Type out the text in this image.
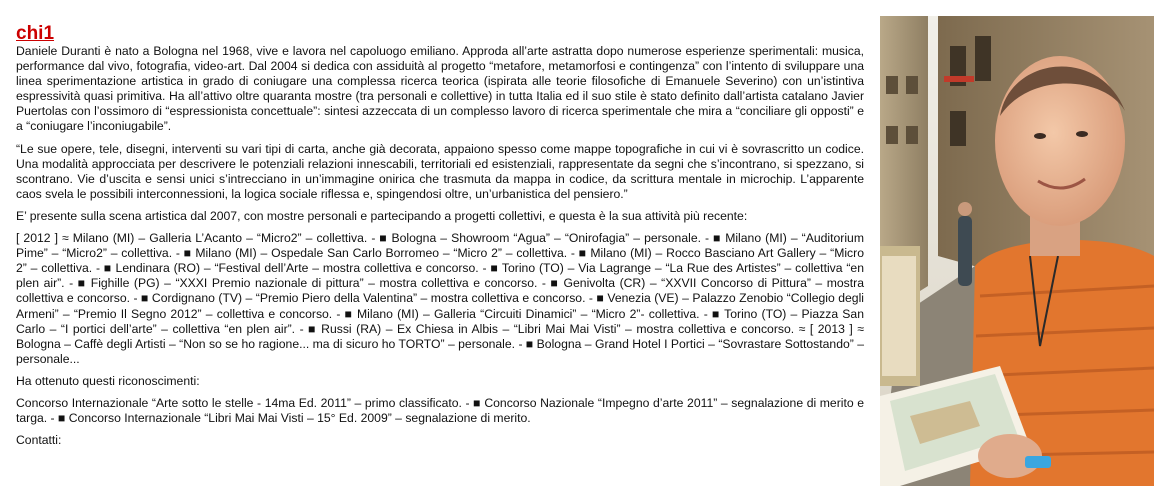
chi1

Daniele Duranti è nato a Bologna nel 1968, vive e lavora nel capoluogo emiliano. Approda all’arte astratta dopo numerose esperienze sperimentali: musica, performance dal vivo, fotografia, video-art. Dal 2004 si dedica con assiduità al progetto “metafore, metamorfosi e contingenza” con l’intento di sviluppare una linea sperimentazione artistica in grado di coniugare una complessa ricerca teorica (ispirata alle teorie filosofiche di Emanuele Severino) con un’istintiva espressività quasi primitiva. Ha all’attivo oltre quaranta mostre (tra personali e collettive) in tutta Italia ed il suo stile è stato definito dall’artista catalano Javier Puertolas con l’ossimoro di “espressionista concettuale”: sintesi azzeccata di un complesso lavoro di ricerca sperimentale che mira a “conciliare gli opposti” e a “coniugare l’inconiugabile”.

“Le sue opere, tele, disegni, interventi su vari tipi di carta, anche già decorata, appaiono spesso come mappe topografiche in cui vi è sovrascritto un codice. Una modalità approcciata per descrivere le potenziali relazioni innescabili, territoriali ed esistenziali, rappresentate da segni che s’incontrano, si spezzano, si scontrano. Vie d’uscita e sensi unici s’intrecciano in un’immagine onirica che trasmuta da mappa in codice, da scrittura mentale in microchip. L’apparente caos svela le possibili interconnessioni, la logica sociale riflessa e, spingendosi oltre, un’urbanistica del pensiero.”

E’ presente sulla scena artistica dal 2007, con mostre personali e partecipando a progetti collettivi, e questa è la sua attività più recente:

[ 2012 ] ≈ Milano (MI) – Galleria L’Acanto – “Micro2” – collettiva. - ■ Bologna – Showroom “Agua” – “Onirofagia” – personale. - ■ Milano (MI) – “Auditorium Pime” – “Micro2” – collettiva. - ■ Milano (MI) – Ospedale San Carlo Borromeo – “Micro 2” – collettiva. - ■ Milano (MI) – Rocco Basciano Art Gallery – “Micro 2” – collettiva. - ■ Lendinara (RO) – “Festival dell’Arte – mostra collettiva e concorso. - ■ Torino (TO) – Via Lagrange – “La Rue des Artistes” – collettiva “en plen air”. - ■ Fighille (PG) – “XXXI Premio nazionale di pittura” – mostra collettiva e concorso. - ■ Genivolta (CR) – “XXVII Concorso di Pittura” – mostra collettiva e concorso. - ■ Cordignano (TV) – “Premio Piero della Valentina” – mostra collettiva e concorso. - ■ Venezia (VE) – Palazzo Zenobio “Collegio degli Armeni” – “Premio Il Segno 2012” – collettiva e concorso. - ■ Milano (MI) – Galleria “Circuiti Dinamici” – “Micro 2”- collettiva. - ■ Torino (TO) – Piazza San Carlo – “I portici dell’arte” – collettiva “en plen air”. - ■ Russi (RA) – Ex Chiesa in Albis – “Libri Mai Mai Visti” – mostra collettiva e concorso. ≈ [ 2013 ] ≈ Bologna – Caffè degli Artisti – “Non so se ho ragione... ma di sicuro ho TORTO” – personale. - ■ Bologna – Grand Hotel I Portici – “Sovrastare Sottostando” – personale...

Ha ottenuto questi riconoscimenti:

Concorso Internazionale “Arte sotto le stelle - 14ma Ed. 2011” – primo classificato. - ■ Concorso Nazionale “Impegno d’arte 2011” – segnalazione di merito e targa. - ■ Concorso Internazionale “Libri Mai Mai Visti – 15° Ed. 2009” – segnalazione di merito.

Contatti:
